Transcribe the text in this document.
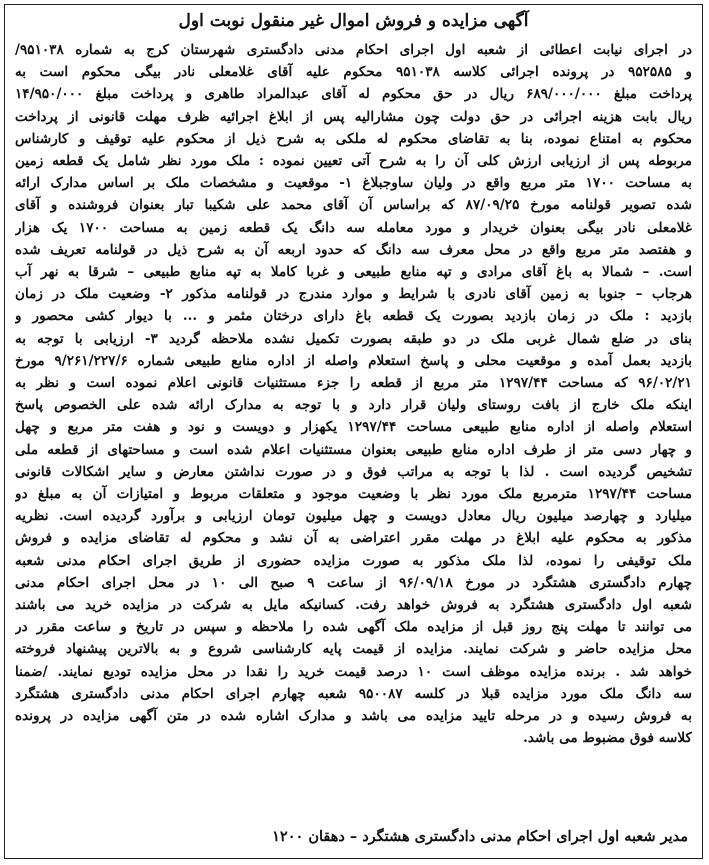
آگهی مزایده و فروش اموال غیر منقول نوبت اول
در اجرای نیابت اعطائی از شعبه اول اجرای احکام مدنی دادگستری شهرستان کرج به شماره ۹۵۱۰۳۸/
و ۹۵۲۵۸۵ در پرونده اجرائی کلاسه ۹۵۱۰۳۸ محکوم علیه آقای غلامعلی نادر بیگی محکوم است به
پرداخت مبلغ ۶۸۹/۰۰۰/۰۰۰ ریال در حق محکوم له آقای عبدالمراد طاهری و پرداخت مبلغ ۱۴/۹۵۰/۰۰۰
ریال بابت هزینه اجرائی در حق دولت چون مشارالیه پس از ابلاغ اجرائیه ظرف مهلت قانونی از پرداخت
محکوم به امتناع نموده، بنا به تقاضای محکوم له ملکی به شرح ذیل از محکوم علیه توقیف و کارشناس
مربوطه پس از ارزیابی ارزش کلی آن را به شرح آتی تعیین نموده : ملک مورد نظر شامل یک قطعه زمین
به مساحت ۱۷۰۰ متر مربع واقع در ولیان ساوجبلاغ ۱- موقعیت و مشخصات ملک بر اساس مدارک ارائه
شده تصویر قولنامه مورخ ۸۷/۰۹/۲۵ که براساس آن آقای محمد علی شکیبا تبار بعنوان فروشنده و آقای
غلامعلی نادر بیگی بعنوان خریدار و مورد معامله سه دانگ یک قطعه زمین به مساحت ۱۷۰۰ یک هزار
و هفتصد متر مربع واقع در محل معرف سه دانگ که حدود اربعه آن به شرح ذیل در قولنامه تعریف شده
است. – شمالا به باغ آقای مرادی و تپه منابع طبیعی و غربا کاملا به تپه منابع طبیعی – شرقا به نهر آب
هرجاب – جنوبا به زمین آقای نادری با شرایط و موارد مندرج در قولنامه مذکور ۲- وضعیت ملک در زمان
بازدید : ملک در زمان بازدید بصورت یک قطعه باغ دارای درختان مثمر و ... با دیوار کشی محصور و
بنای در ضلع شمال غربی ملک در دو طبقه بصورت تکمیل نشده ملاحظه گردید ۳- ارزیابی با توجه به
بازدید بعمل آمده و موقعیت محلی و پاسخ استعلام واصله از اداره منابع طبیعی شماره ۹/۲۶۱/۲۲۷/۶ مورخ
۹۶/۰۲/۲۱ که مساحت ۱۲۹۷/۴۴ متر مربع از قطعه را جزء مستثنیات قانونی اعلام نموده است و نظر به
اینکه ملک خارج از بافت روستای ولیان قرار دارد و با توجه به مدارک ارائه شده علی الخصوص پاسخ
استعلام واصله از اداره منابع طبیعی مساحت ۱۲۹۷/۴۴ یکهزار و دویست و نود و هفت متر مربع و چهل
و چهار دسی متر از طرف اداره منابع طبیعی بعنوان مستثنیات اعلام شده است و مساحتهای از قطعه ملی
تشخیص گردیده است . لذا با توجه به مراتب فوق و در صورت نداشتن معارض و سایر اشکالات قانونی
مساحت ۱۲۹۷/۴۴ مترمربع ملک مورد نظر با وضعیت موجود و متعلقات مربوط و امتیازات آن به مبلغ دو
میلیارد و چهارصد میلیون ریال معادل دویست و چهل میلیون تومان ارزیابی و برآورد گردیده است. نظریه
مذکور به محکوم علیه ابلاغ در مهلت مقرر اعتراضی به آن نشد و محکوم له تقاضای مزایده و فروش
ملک توقیفی را نموده، لذا ملک مذکور به صورت مزایده حضوری از طریق اجرای احکام مدنی شعبه
چهارم دادگستری هشتگرد در مورخ ۹۶/۰۹/۱۸ از ساعت ۹ صبح الی ۱۰ در محل اجرای احکام مدنی
شعبه اول دادگستری هشتگرد به فروش خواهد رفت. کسانیکه مایل به شرکت در مزایده خرید می باشند
می توانند تا مهلت پنج روز قبل از مزایده ملک آگهی شده را ملاحظه و سپس در تاریخ و ساعت مقرر در
محل مزایده حاضر و شرکت نمایند. مزایده از قیمت پایه کارشناسی شروع و به بالاترین پیشنهاد فروخته
خواهد شد . برنده مزایده موظف است ۱۰ درصد قیمت خرید را نقدا در محل مزایده تودیع نمایند. /ضمنا
سه دانگ ملک مورد مزایده قبلا در کلسه ۹۵۰۰۸۷ شعبه چهارم اجرای احکام مدنی دادگستری هشتگرد
به فروش رسیده و در مرحله تایید مزایده می باشد و مدارک اشاره شده در متن آگهی مزایده در پرونده
کلاسه فوق مضبوط می باشد.
مدیر شعبه اول اجرای احکام مدنی دادگستری هشتگرد – دهقان ۱۲۰۰
